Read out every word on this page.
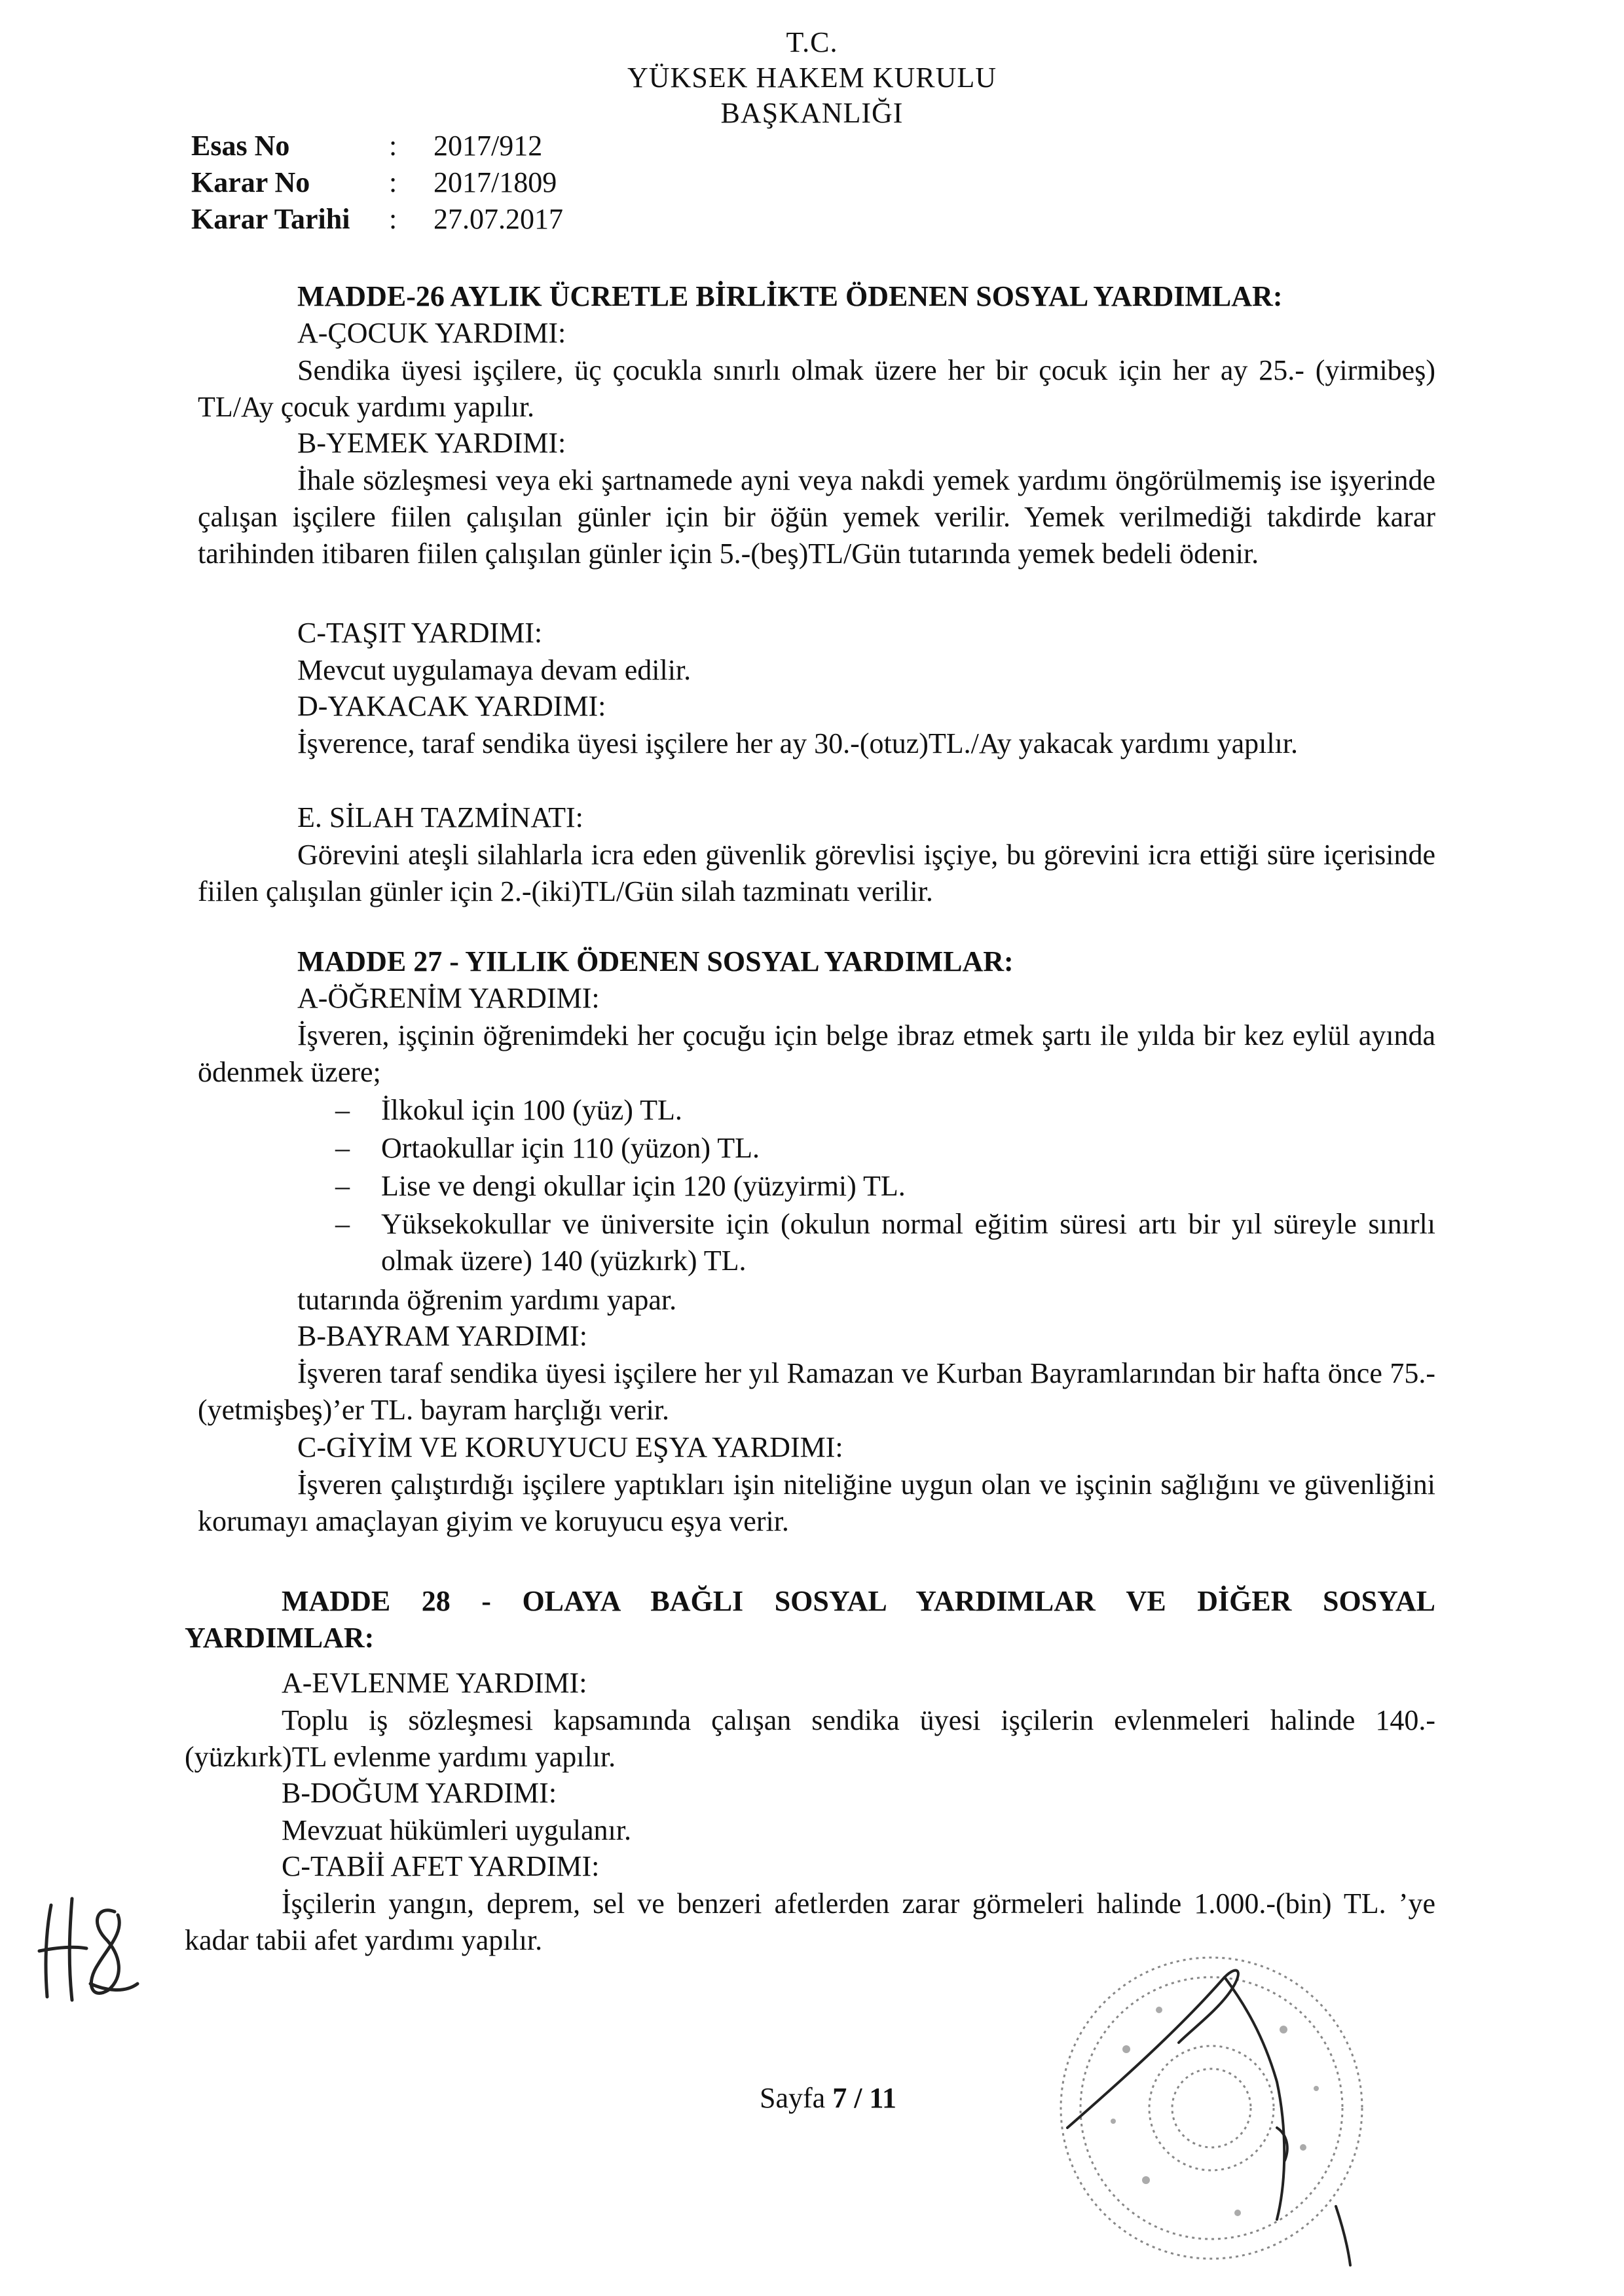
T.C.
YÜKSEK HAKEM KURULU
BAŞKANLIĞI
Esas No	: 2017/912
Karar No	: 2017/1809
Karar Tarihi : 27.07.2017
MADDE-26 AYLIK ÜCRETLE BİRLİKTE ÖDENEN SOSYAL YARDIMLAR:
A-ÇOCUK YARDIMI:
Sendika üyesi işçilere, üç çocukla sınırlı olmak üzere her bir çocuk için her ay 25.- (yirmibeş) TL/Ay çocuk yardımı yapılır.
B-YEMEK YARDIMI:
İhale sözleşmesi veya eki şartnamede ayni veya nakdi yemek yardımı öngörülmemiş ise işyerinde çalışan işçilere fiilen çalışılan günler için bir öğün yemek verilir. Yemek verilmediği takdirde karar tarihinden itibaren fiilen çalışılan günler için 5.-(beş)TL/Gün tutarında yemek bedeli ödenir.
C-TAŞIT YARDIMI:
Mevcut uygulamaya devam edilir.
D-YAKACAK YARDIMI:
İşverence, taraf sendika üyesi işçilere her ay 30.-(otuz)TL./Ay yakacak yardımı yapılır.
E. SİLAH TAZMİNATI:
Görevini ateşli silahlarla icra eden güvenlik görevlisi işçiye, bu görevini icra ettiği süre içerisinde fiilen çalışılan günler için 2.-(iki)TL/Gün silah tazminatı verilir.
MADDE 27 - YILLIK ÖDENEN SOSYAL YARDIMLAR:
A-ÖĞRENİM YARDIMI:
İşveren, işçinin öğrenimdeki her çocuğu için belge ibraz etmek şartı ile yılda bir kez eylül ayında ödenmek üzere;
– İlkokul için 100 (yüz) TL.
– Ortaokullar için 110 (yüzon) TL.
– Lise ve dengi okullar için 120 (yüzyirmi) TL.
– Yüksekokullar ve üniversite için (okulun normal eğitim süresi artı bir yıl süreyle sınırlı olmak üzere) 140 (yüzkırk) TL.
tutarında öğrenim yardımı yapar.
B-BAYRAM YARDIMI:
İşveren taraf sendika üyesi işçilere her yıl Ramazan ve Kurban Bayramlarından bir hafta önce 75.-(yetmişbeş)’er TL. bayram harçlığı verir.
C-GİYİM VE KORUYUCU EŞYA YARDIMI:
İşveren çalıştırdığı işçilere yaptıkları işin niteliğine uygun olan ve işçinin sağlığını ve güvenliğini korumayı amaçlayan giyim ve koruyucu eşya verir.
MADDE 28 - OLAYA BAĞLI SOSYAL YARDIMLAR VE DİĞER SOSYAL YARDIMLAR:
A-EVLENME YARDIMI:
Toplu iş sözleşmesi kapsamında çalışan sendika üyesi işçilerin evlenmeleri halinde 140.-(yüzkırk)TL evlenme yardımı yapılır.
B-DOĞUM YARDIMI:
Mevzuat hükümleri uygulanır.
C-TABİİ AFET YARDIMI:
İşçilerin yangın, deprem, sel ve benzeri afetlerden zarar görmeleri halinde 1.000.-(bin) TL. ’ye kadar tabii afet yardımı yapılır.
Sayfa 7 / 11
